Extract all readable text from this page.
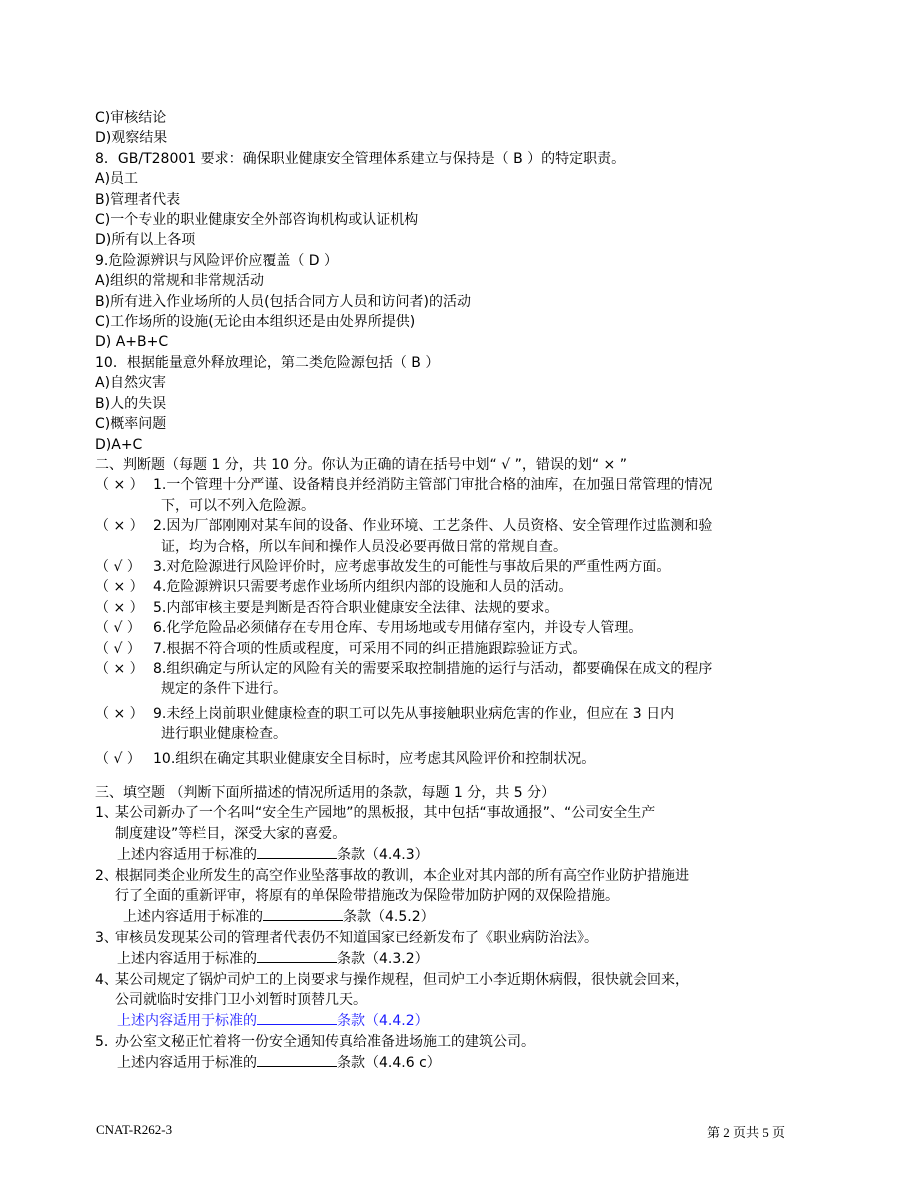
C)审核结论

D)观察结果

8．GB/T28001 要求：确保职业健康安全管理体系建立与保持是（ B ）的特定职责。

A)员工

B)管理者代表

C)一个专业的职业健康安全外部咨询机构或认证机构

D)所有以上各项

9.危险源辨识与风险评价应覆盖（ D ）

A)组织的常规和非常规活动

B)所有进入作业场所的人员(包括合同方人员和访问者)的活动

C)工作场所的设施(无论由本组织还是由处界所提供)

D) A+B+C

10．根据能量意外释放理论，第二类危险源包括（ B ）

A)自然灾害

B)人的失误

C)概率问题

D)A+C

二、判断题（每题 1 分，共 10 分。你认为正确的请在括号中划“ √ ”，错误的划“ × ”

（ × ） 1.一个管理十分严谨、设备精良并经消防主管部门审批合格的油库，在加强日常管理的情况
下，可以不列入危险源。
（ × ） 2.因为厂部刚刚对某车间的设备、作业环境、工艺条件、人员资格、安全管理作过监测和验
证，均为合格，所以车间和操作人员没必要再做日常的常规自查。
（ √ ） 3.对危险源进行风险评价时，应考虑事故发生的可能性与事故后果的严重性两方面。
（ × ） 4.危险源辨识只需要考虑作业场所内组织内部的设施和人员的活动。
（ × ） 5.内部审核主要是判断是否符合职业健康安全法律、法规的要求。
（ √ ） 6.化学危险品必须储存在专用仓库、专用场地或专用储存室内，并设专人管理。
（ √ ） 7.根据不符合项的性质或程度，可采用不同的纠正措施跟踪验证方式。
（ × ） 8.组织确定与所认定的风险有关的需要采取控制措施的运行与活动，都要确保在成文的程序
规定的条件下进行。
（ × ） 9.未经上岗前职业健康检查的职工可以先从事接触职业病危害的作业，但应在 3 日内
进行职业健康检查。
（ √ ） 10.组织在确定其职业健康安全目标时，应考虑其风险评价和控制状况。

三、填空题 （判断下面所描述的情况所适用的条款，每题 1 分，共 5 分）

1、
某公司新办了一个名叫“安全生产园地”的黑板报，其中包括“事故通报”、“公司安全生产
制度建设”等栏目，深受大家的喜爱。
上述内容适用于标准的	条款（4.4.3）
2、
根据同类企业所发生的高空作业坠落事故的教训，本企业对其内部的所有高空作业防护措施进
行了全面的重新评审，将原有的单保险带措施改为保险带加防护网的双保险措施。
上述内容适用于标准的	条款（4.5.2）
3、
审核员发现某公司的管理者代表仍不知道国家已经新发布了《职业病防治法》。
上述内容适用于标准的	条款（4.3.2）
4、
某公司规定了锅炉司炉工的上岗要求与操作规程，但司炉工小李近期休病假，很快就会回来，
公司就临时安排门卫小刘暂时顶替几天。
上述内容适用于标准的	条款（4.4.2）
5．
办公室文秘正忙着将一份安全通知传真给准备进场施工的建筑公司。
上述内容适用于标准的	条款（4.4.6 c）
CNAT-R262-3	第 2 页共 5 页
